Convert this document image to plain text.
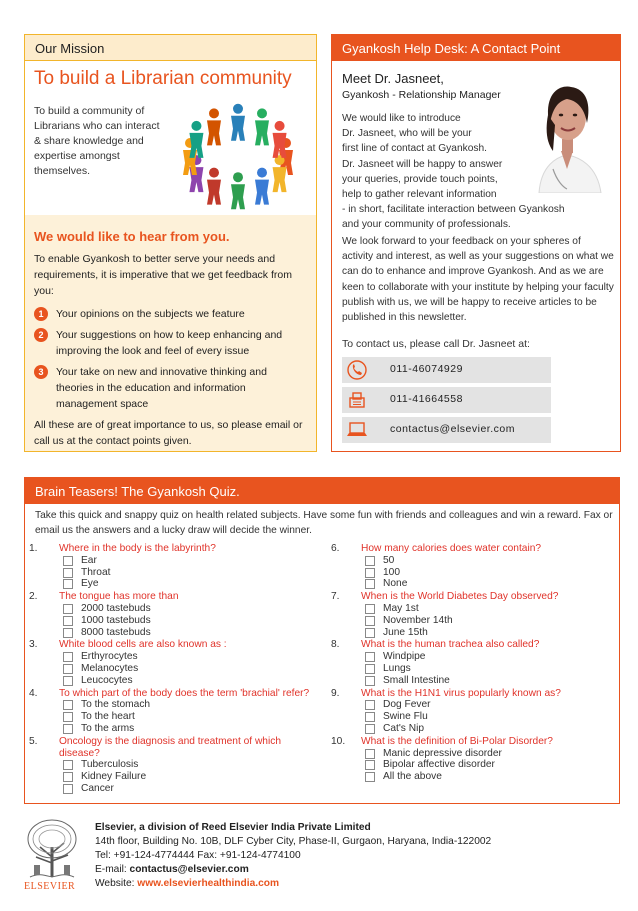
Our Mission
To build a Librarian community
To build a community of Librarians who can interact & share knowledge and expertise amongst themselves.
We would like to hear from you.
To enable Gyankosh to better serve your needs and requirements, it is imperative that we get feedback from you:
1	Your opinions on the subjects we feature
2	Your suggestions on how to keep enhancing and improving the look and feel of every issue
3	Your take on new and innovative thinking and theories in the education and information management space
All these are of great importance to us, so please email or call us at the contact points given.
Gyankosh Help Desk: A Contact Point
Meet Dr. Jasneet,
Gyankosh - Relationship Manager
We would like to introduce
Dr. Jasneet, who will be your
first line of contact at Gyankosh.
Dr. Jasneet will be happy to answer
your queries, provide touch points,
help to gather relevant information
- in short, facilitate interaction between Gyankosh
and your community of professionals.
We look forward to your feedback on your spheres of activity and interest, as well as your suggestions on what we can do to enhance and improve Gyankosh. And as we are keen to collaborate with your institute by helping your faculty publish with us, we will be happy to receive articles to be published in this newsletter.
To contact us, please call Dr. Jasneet at:
011-46074929
011-41664558
contactus@elsevier.com
Brain Teasers! The Gyankosh Quiz.
Take this quick and snappy quiz on health related subjects. Have some fun with friends and colleagues and win a reward. Fax or email us the answers and a lucky draw will decide the winner.
1. Where in the body is the labyrinth?
Ear
Throat
Eye
2. The tongue has more than
2000 tastebuds
1000 tastebuds
8000 tastebuds
3. White blood cells are also known as :
Erthyrocytes
Melanocytes
Leucocytes
4. To which part of the body does the term 'brachial' refer?
To the stomach
To the heart
To the arms
5. Oncology is the diagnosis and treatment of which disease?
Tuberculosis
Kidney Failure
Cancer
6. How many calories does water contain?
50
100
None
7. When is the World Diabetes Day observed?
May 1st
November 14th
June 15th
8. What is the human trachea also called?
Windpipe
Lungs
Small Intestine
9. What is the H1N1 virus popularly known as?
Dog Fever
Swine Flu
Cat's Nip
10. What is the definition of Bi-Polar Disorder?
Manic depressive disorder
Bipolar affective disorder
All the above
ELSEVIER
Elsevier, a division of Reed Elsevier India Private Limited
14th floor, Building No. 10B, DLF Cyber City, Phase-II, Gurgaon, Haryana, India-122002
Tel: +91-124-4774444 Fax: +91-124-4774100
E-mail: contactus@elsevier.com
Website: www.elsevierhealthindia.com
